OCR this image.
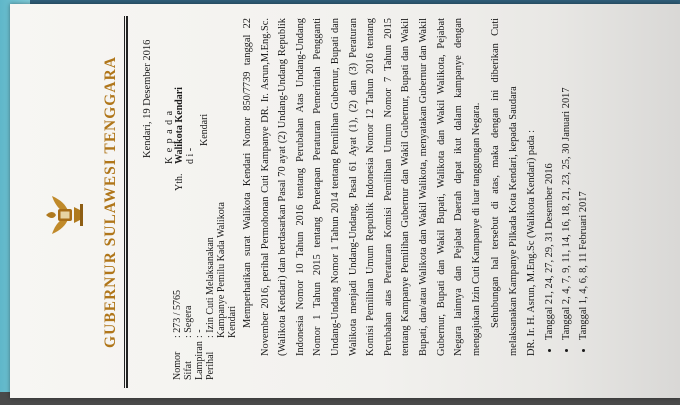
GUBERNUR SULAWESI TENGGARA Kendari, 19 Desember 2016 K e p a d a
Yth.
Walikota Kendari d i -
Kendari
Nomor: 273 / 5765
Sifat: Segera
Lampiran: -
Perihal
: Izin Cuti Melaksanakan Kampanye Pemilu Kada Walikota Kendari Memperhatikan surat Walikota Kendari Nomor 850/7739 tanggal 22 November 2016, perihal Permohonan Cuti Kampanye DR. Ir. Asrun,M.Eng.Sc. (Walikota Kendari) dan berdasarkan Pasal 70 ayat (2) Undang-Undang Republik Indonesia Nomor 10 Tahun 2016 tentang Perubahan Atas Undang-Undang Nomor 1 Tahun 2015 tentang Penetapan Peraturan Pemerintah Pengganti Undang-Undang Nomor 1 Tahun 2014 tentang Pemilihan Gubernur, Bupati dan Walikota menjadi Undang-Undang, Pasal 61 Ayat (1), (2) dan (3) Peraturan Komisi Pemilihan Umum Republik Indonesia Nomor 12 Tahun 2016 tentang Perubahan atas Peraturan Komisi Pemilihan Umum Nomor 7 Tahun 2015 tentang Kampanye Pemilihan Gubernur dan Wakil Gubernur, Bupati dan Wakil Bupati, dan/atau Walikota dan Wakil Walikota, menyatakan Gubernur dan Wakil Gubernur, Bupati dan Wakil Bupati, Walikota dan Wakil Walikota, Pejabat Negara lainnya dan Pejabat Daerah dapat ikut dalam kampanye dengan mengajukan Izin Cuti Kampanye di luar tanggungan Negara. Sehubungan hal tersebut di atas, maka dengan ini diberikan Cuti melaksanakan Kampanye Pilkada Kota Kendari, kepada Saudara DR. Ir. H. Asrun, M.Eng.Sc (Walikota Kendari) pada : • Tanggal 21, 24, 27, 29, 31 Desember 2016 • Tanggal 2, 4, 7, 9, 11, 14, 16, 18, 21, 23, 25, 30 Januari 2017 • Tanggal 1, 4, 6, 8, 11 Februari 2017
